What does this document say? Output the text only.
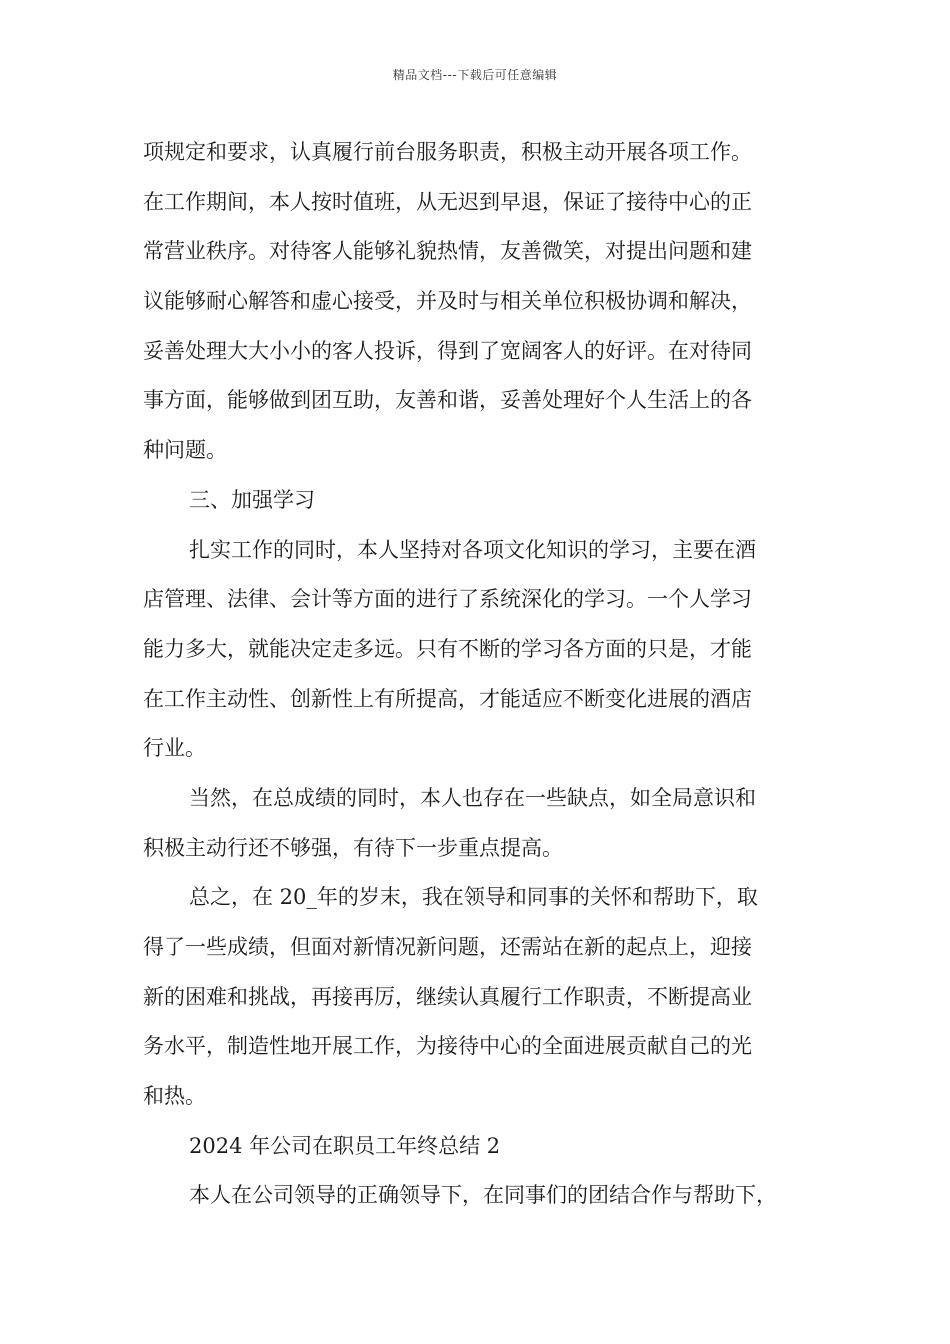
精品文档---下载后可任意编辑
项规定和要求，认真履行前台服务职责，积极主动开展各项工作。
在工作期间，本人按时值班，从无迟到早退，保证了接待中心的正
常营业秩序。对待客人能够礼貌热情，友善微笑，对提出问题和建
议能够耐心解答和虚心接受，并及时与相关单位积极协调和解决，
妥善处理大大小小的客人投诉，得到了宽阔客人的好评。在对待同
事方面，能够做到团互助，友善和谐，妥善处理好个人生活上的各
种问题。
三、加强学习
扎实工作的同时，本人坚持对各项文化知识的学习，主要在酒
店管理、法律、会计等方面的进行了系统深化的学习。一个人学习
能力多大，就能决定走多远。只有不断的学习各方面的只是，才能
在工作主动性、创新性上有所提高，才能适应不断变化进展的酒店
行业。
当然，在总成绩的同时，本人也存在一些缺点，如全局意识和
积极主动行还不够强，有待下一步重点提高。
总之，在 20_年的岁末，我在领导和同事的关怀和帮助下，取
得了一些成绩，但面对新情况新问题，还需站在新的起点上，迎接
新的困难和挑战，再接再厉，继续认真履行工作职责，不断提高业
务水平，制造性地开展工作，为接待中心的全面进展贡献自己的光
和热。
2024 年公司在职员工年终总结 2
本人在公司领导的正确领导下，在同事们的团结合作与帮助下，
